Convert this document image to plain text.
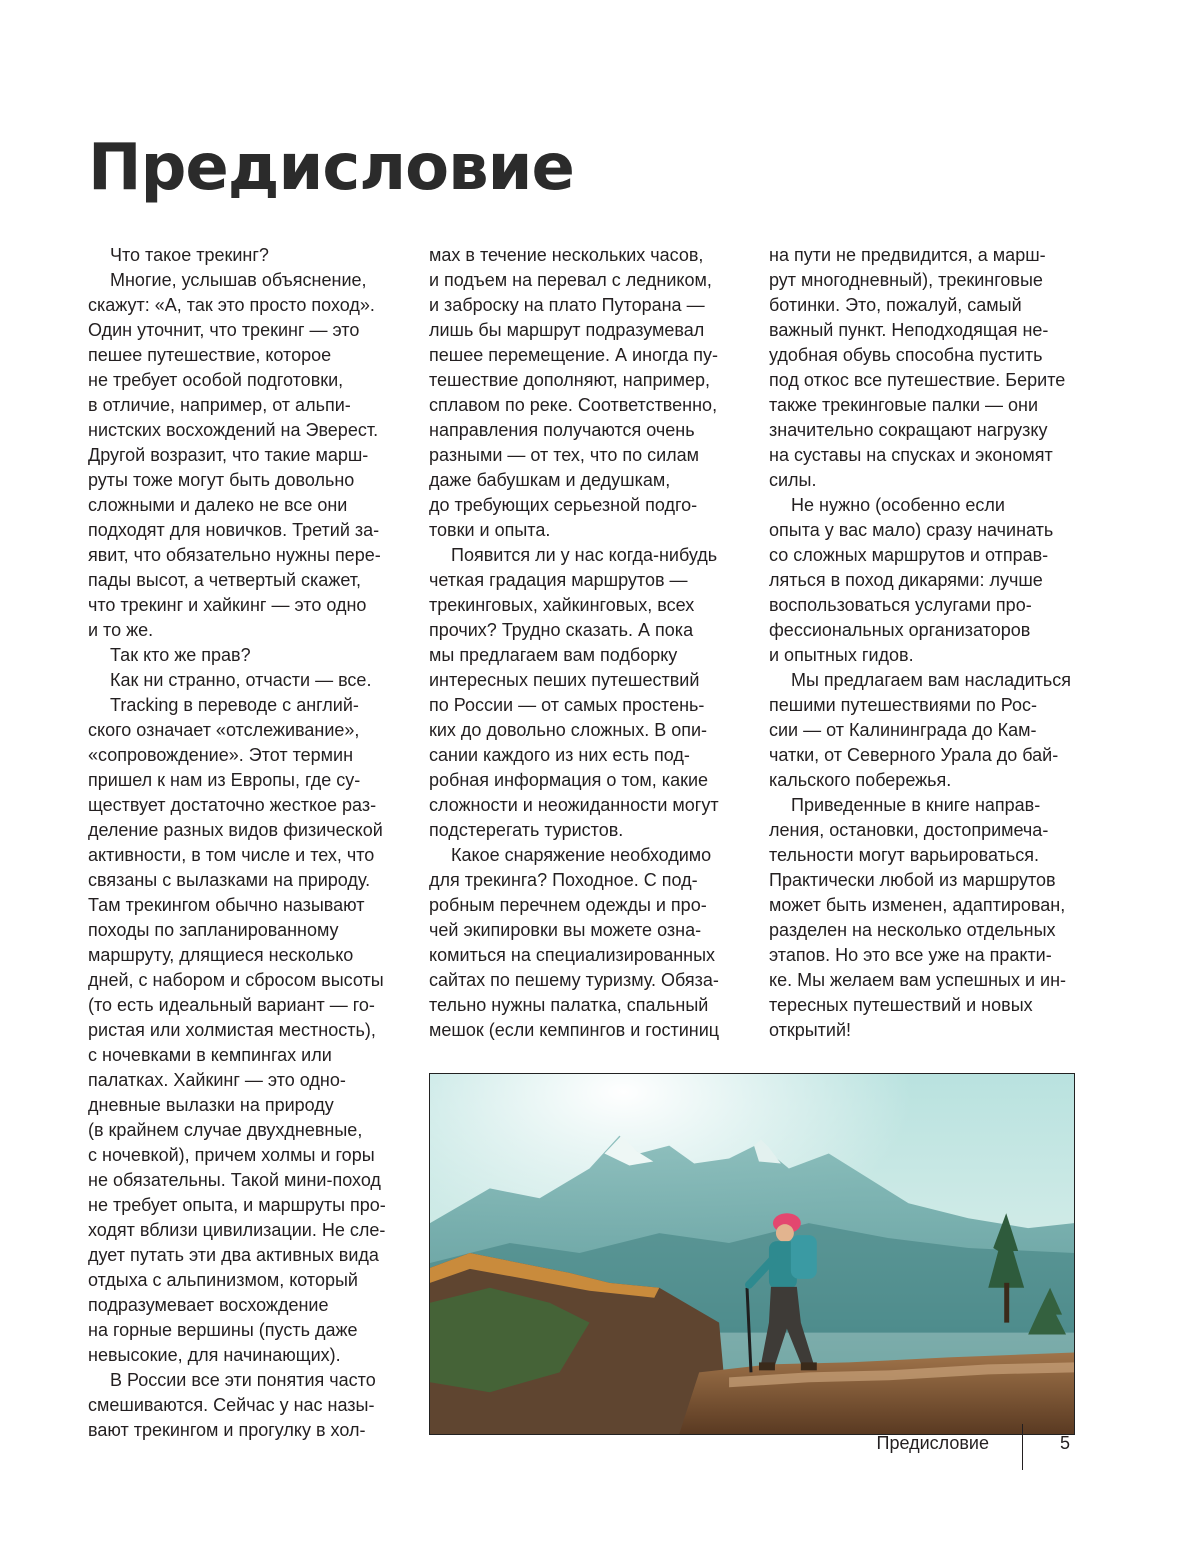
Предисловие
Что такое трекинг?
Многие, услышав объяснение,
скажут: «А, так это просто поход».
Один уточнит, что трекинг — это
пешее путешествие, которое
не требует особой подготовки,
в отличие, например, от альпи-
нистских восхождений на Эверест.
Другой возразит, что такие марш-
руты тоже могут быть довольно
сложными и далеко не все они
подходят для новичков. Третий за-
явит, что обязательно нужны пере-
пады высот, а четвертый скажет,
что трекинг и хайкинг — это одно
и то же.
Так кто же прав?
Как ни странно, отчасти — все.
Tracking в переводе с англий-
ского означает «отслеживание»,
«сопровождение». Этот термин
пришел к нам из Европы, где су-
ществует достаточно жесткое раз-
деление разных видов физической
активности, в том числе и тех, что
связаны с вылазками на природу.
Там трекингом обычно называют
походы по запланированному
маршруту, длящиеся несколько
дней, с набором и сбросом высоты
(то есть идеальный вариант — го-
ристая или холмистая местность),
с ночевками в кемпингах или
палатках. Хайкинг — это одно-
дневные вылазки на природу
(в крайнем случае двухдневные,
с ночевкой), причем холмы и горы
не обязательны. Такой мини-поход
не требует опыта, и маршруты про-
ходят вблизи цивилизации. Не сле-
дует путать эти два активных вида
отдыха с альпинизмом, который
подразумевает восхождение
на горные вершины (пусть даже
невысокие, для начинающих).
В России все эти понятия часто
смешиваются. Сейчас у нас назы-
вают трекингом и прогулку в хол-
мах в течение нескольких часов,
и подъем на перевал с ледником,
и заброску на плато Путорана —
лишь бы маршрут подразумевал
пешее перемещение. А иногда пу-
тешествие дополняют, например,
сплавом по реке. Соответственно,
направления получаются очень
разными — от тех, что по силам
даже бабушкам и дедушкам,
до требующих серьезной подго-
товки и опыта.
Появится ли у нас когда-нибудь
четкая градация маршрутов —
трекинговых, хайкинговых, всех
прочих? Трудно сказать. А пока
мы предлагаем вам подборку
интересных пеших путешествий
по России — от самых простень-
ких до довольно сложных. В опи-
сании каждого из них есть под-
робная информация о том, какие
сложности и неожиданности могут
подстерегать туристов.
Какое снаряжение необходимо
для трекинга? Походное. С под-
робным перечнем одежды и про-
чей экипировки вы можете озна-
комиться на специализированных
сайтах по пешему туризму. Обяза-
тельно нужны палатка, спальный
мешок (если кемпингов и гостиниц
на пути не предвидится, а марш-
рут многодневный), трекинговые
ботинки. Это, пожалуй, самый
важный пункт. Неподходящая не-
удобная обувь способна пустить
под откос все путешествие. Берите
также трекинговые палки — они
значительно сокращают нагрузку
на суставы на спусках и экономят
силы.
Не нужно (особенно если
опыта у вас мало) сразу начинать
со сложных маршрутов и отправ-
ляться в поход дикарями: лучше
воспользоваться услугами про-
фессиональных организаторов
и опытных гидов.
Мы предлагаем вам насладиться
пешими путешествиями по Рос-
сии — от Калининграда до Кам-
чатки, от Северного Урала до бай-
кальского побережья.
Приведенные в книге направ-
ления, остановки, достопримеча-
тельности могут варьироваться.
Практически любой из маршрутов
может быть изменен, адаптирован,
разделен на несколько отдельных
этапов. Но это все уже на практи-
ке. Мы желаем вам успешных и ин-
тересных путешествий и новых
открытий!
Предисловие	5
